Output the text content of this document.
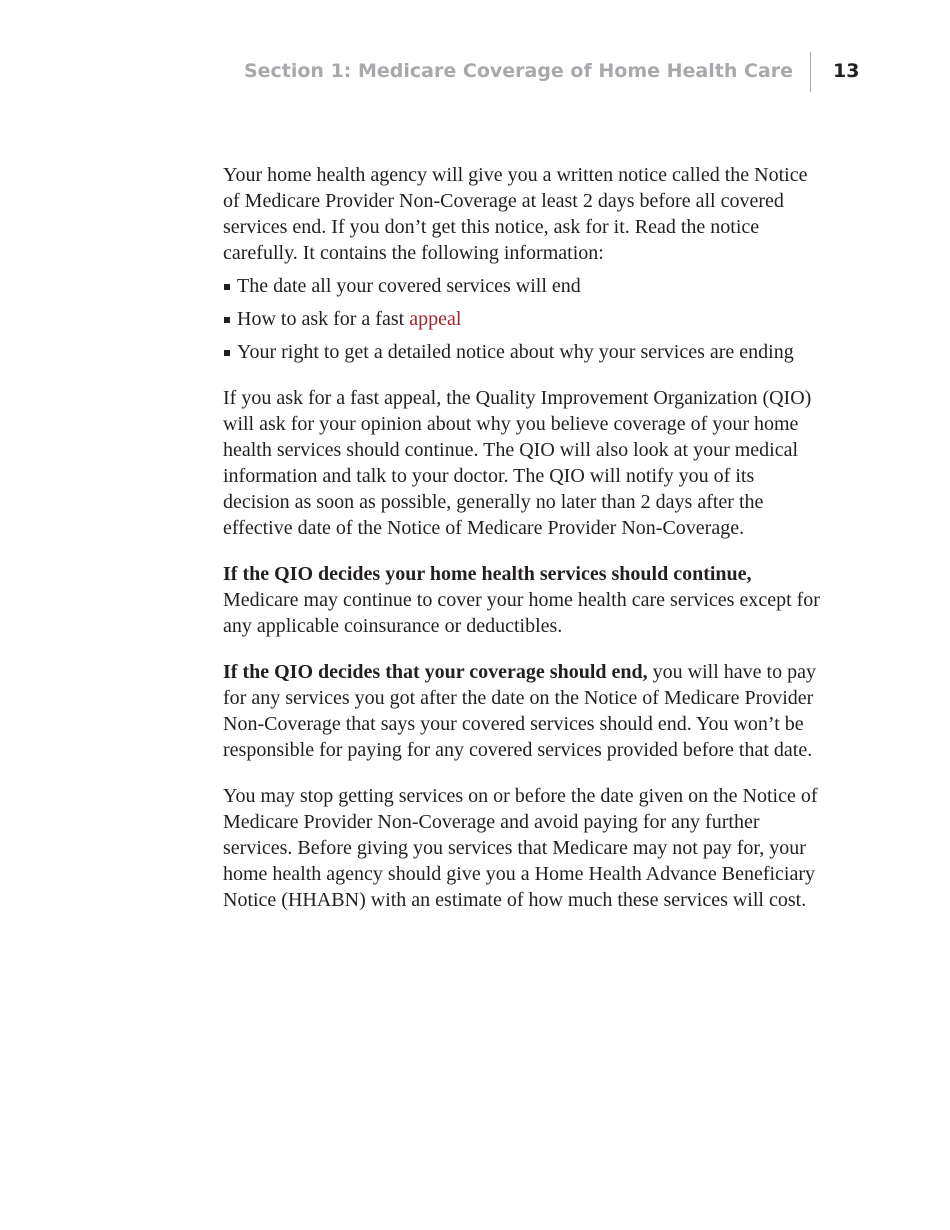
Section 1: Medicare Coverage of Home Health Care 13

Your home health agency will give you a written notice called the Notice of Medicare Provider Non-Coverage at least 2 days before all covered services end. If you don’t get this notice, ask for it. Read the notice carefully. It contains the following information:

The date all your covered services will end
How to ask for a fast appeal
Your right to get a detailed notice about why your services are ending

If you ask for a fast appeal, the Quality Improvement Organization (QIO) will ask for your opinion about why you believe coverage of your home health services should continue. The QIO will also look at your medical information and talk to your doctor. The QIO will notify you of its decision as soon as possible, generally no later than 2 days after the effective date of the Notice of Medicare Provider Non-Coverage.

If the QIO decides your home health services should continue, Medicare may continue to cover your home health care services except for any applicable coinsurance or deductibles.

If the QIO decides that your coverage should end, you will have to pay for any services you got after the date on the Notice of Medicare Provider Non-Coverage that says your covered services should end. You won’t be responsible for paying for any covered services provided before that date.

You may stop getting services on or before the date given on the Notice of Medicare Provider Non-Coverage and avoid paying for any further services. Before giving you services that Medicare may not pay for, your home health agency should give you a Home Health Advance Beneficiary Notice (HHABN) with an estimate of how much these services will cost.
